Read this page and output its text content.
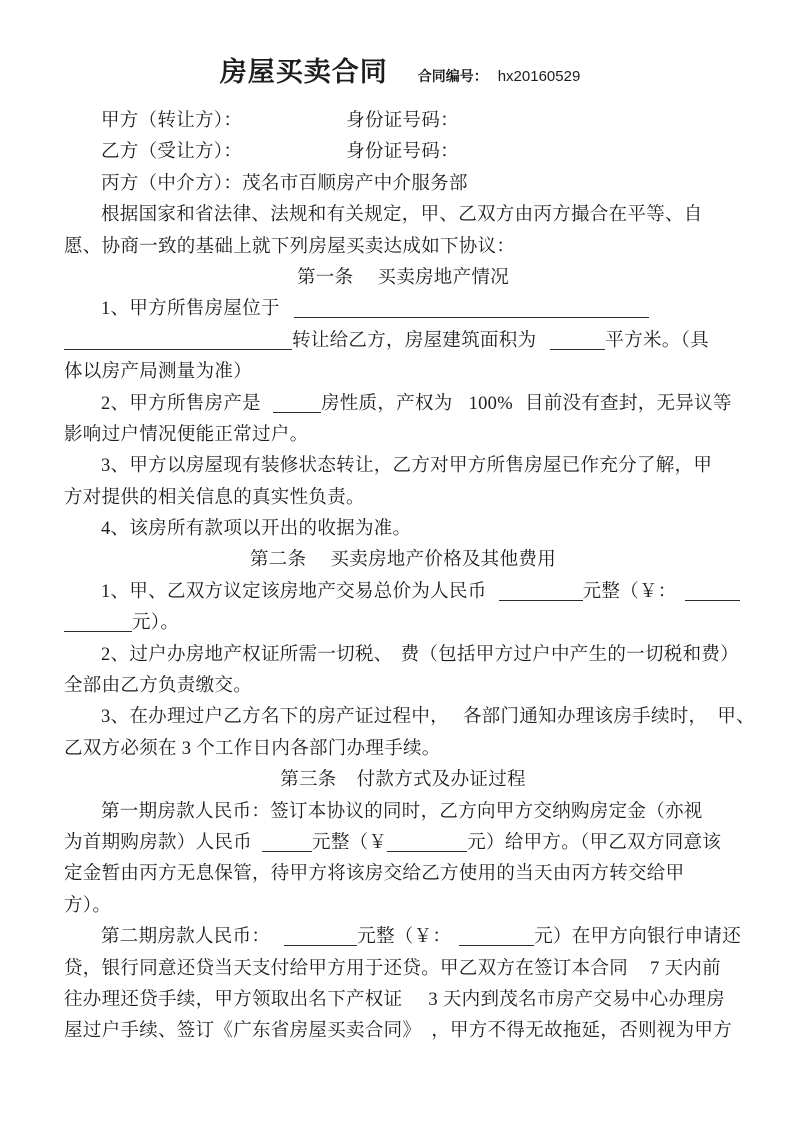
房屋买卖合同 合同编号： hx20160529
甲方（转让方）：	身份证号码：
乙方（受让方）：	身份证号码：
丙方（中介方）：茂名市百顺房产中介服务部
根据国家和省法律、法规和有关规定，甲、乙双方由丙方撮合在平等、自
愿、协商一致的基础上就下列房屋买卖达成如下协议：
第一条 买卖房地产情况
1、甲方所售房屋位于
转让给乙方，房屋建筑面积为	平方米。（具
体以房产局测量为准）
2、甲方所售房产是	房性质，产权为 100% 目前没有查封，无异议等
影响过户情况便能正常过户。
3、甲方以房屋现有装修状态转让，乙方对甲方所售房屋已作充分了解，甲
方对提供的相关信息的真实性负责。
4、该房所有款项以开出的收据为准。
第二条 买卖房地产价格及其他费用
1、甲、乙双方议定该房地产交易总价为人民币	元整（￥：
元）。
2、过户办房地产权证所需一切税、 费（包括甲方过户中产生的一切税和费）
全部由乙方负责缴交。
3、在办理过户乙方名下的房产证过程中， 各部门通知办理该房手续时， 甲、
乙双方必须在 3 个工作日内各部门办理手续。
第三条 付款方式及办证过程
第一期房款人民币：签订本协议的同时，乙方向甲方交纳购房定金（亦视
为首期购房款）人民币	元整（￥	元）给甲方。（甲乙双方同意该
定金暂由丙方无息保管，待甲方将该房交给乙方使用的当天由丙方转交给甲
方）。
第二期房款人民币：	元整（￥：	元）在甲方向银行申请还
贷，银行同意还贷当天支付给甲方用于还贷。甲乙双方在签订本合同 7 天内前
往办理还贷手续，甲方领取出名下产权证 3 天内到茂名市房产交易中心办理房
屋过户手续、签订《广东省房屋买卖合同》 ，甲方不得无故拖延，否则视为甲方
